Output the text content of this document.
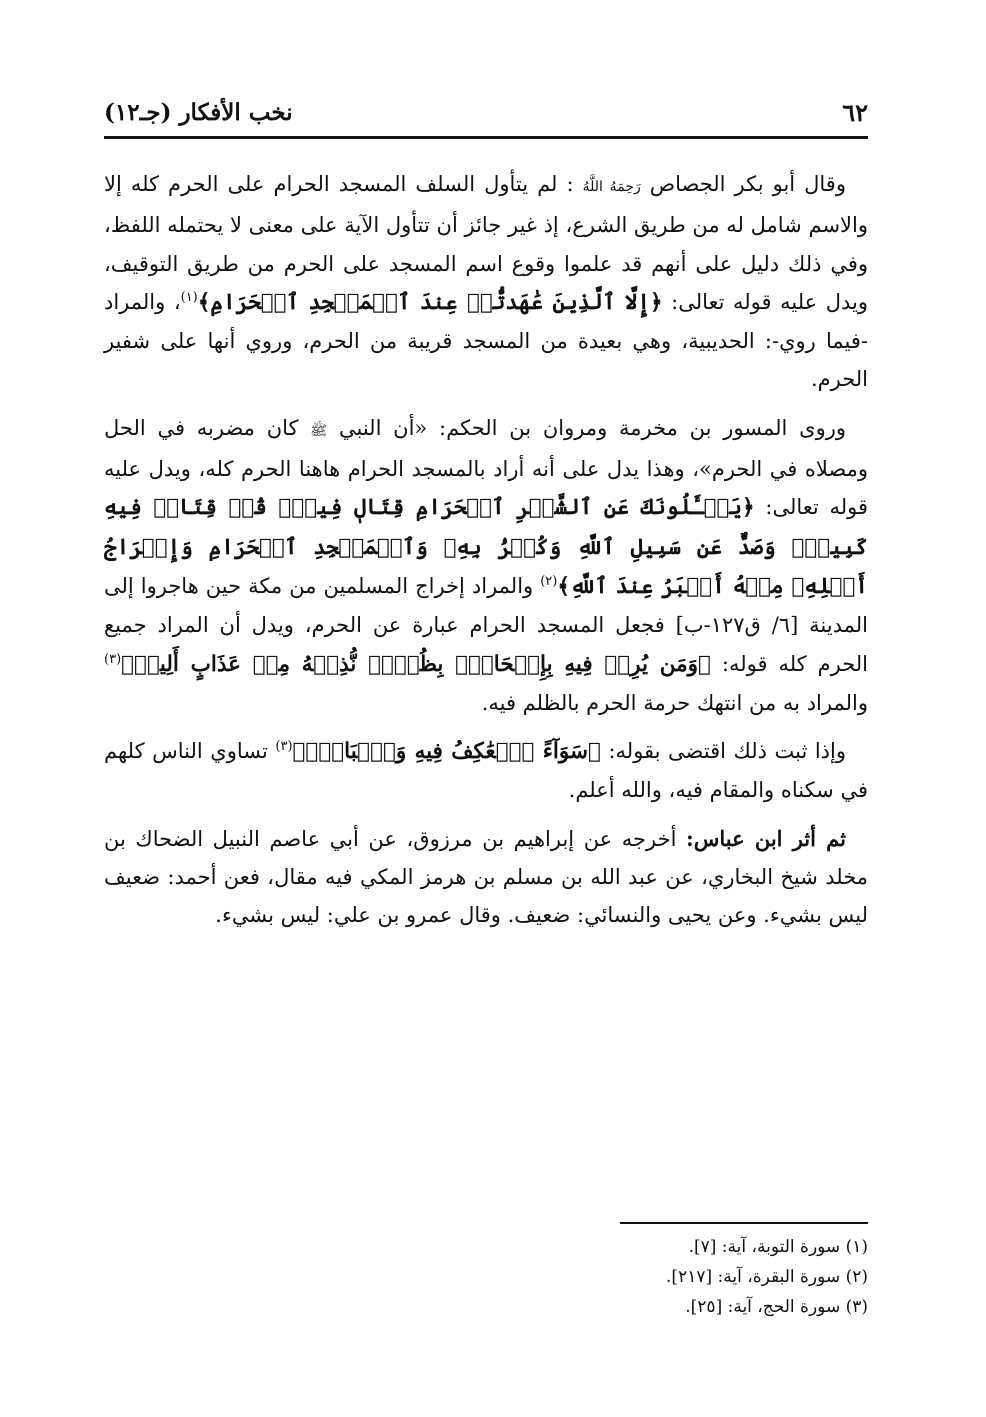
٦٢
نخب الأفكار (جـ١٢)

وقال أبو بكر الجصاص رَحِمَهُ اللَّهُ : لم يتأول السلف المسجد الحرام على الحرم كله إلا والاسم شامل له من طريق الشرع، إذ غير جائز أن تتأول الآية على معنى لا يحتمله اللفظ، وفي ذلك دليل على أنهم قد علموا وقوع اسم المسجد على الحرم من طريق التوقيف، ويدل عليه قوله تعالى: ﴿إِلَّا ٱلَّذِينَ عَٰهَدتُّمۡ عِندَ ٱلۡمَسۡجِدِ ٱلۡحَرَامِ﴾$^{(١)}$، والمراد -فيما روي-: الحديبية، وهي بعيدة من المسجد قريبة من الحرم، وروي أنها على شفير الحرم.

وروى المسور بن مخرمة ومروان بن الحكم: «أن النبي ﷺ كان مضربه في الحل ومصلاه في الحرم»، وهذا يدل على أنه أراد بالمسجد الحرام هاهنا الحرم كله، ويدل عليه قوله تعالى: ﴿يَسۡـَٔلُونَكَ عَنِ ٱلشَّهۡرِ ٱلۡحَرَامِ قِتَالٖ فِيهِۖ قُلۡ قِتَالٞ فِيهِ كَبِيرٞۚ وَصَدٌّ عَن سَبِيلِ ٱللَّهِ وَكُفۡرُۢ بِهِۦ وَٱلۡمَسۡجِدِ ٱلۡحَرَامِ وَإِخۡرَاجُ أَهۡلِهِۦ مِنۡهُ أَكۡبَرُ عِندَ ٱللَّهِ﴾$^{(٢)}$ والمراد إخراج المسلمين من مكة حين هاجروا إلى المدينة [٦/ ق١٢٧-ب] فجعل المسجد الحرام عبارة عن الحرم، ويدل أن المراد جميع الحرم كله قوله: ﴿وَمَن يُرِدۡ فِيهِ بِإِلۡحَادِۭ بِظُلۡمٖ نُّذِقۡهُ مِنۡ عَذَابٍ أَلِيمٖ﴾$^{(٣)}$ والمراد به من انتهك حرمة الحرم بالظلم فيه.

وإذا ثبت ذلك اقتضى بقوله: ﴿سَوَآءً ٱلۡعَٰكِفُ فِيهِ وَٱلۡبَادِۚ﴾$^{(٣)}$ تساوي الناس كلهم في سكناه والمقام فيه، والله أعلم.

ثم أثر ابن عباس: أخرجه عن إبراهيم بن مرزوق، عن أبي عاصم النبيل الضحاك بن مخلد شيخ البخاري، عن عبد الله بن مسلم بن هرمز المكي فيه مقال، فعن أحمد: ضعيف ليس بشيء. وعن يحيى والنسائي: ضعيف. وقال عمرو بن علي: ليس بشيء.

(١) سورة التوبة، آية: [٧].

(٢) سورة البقرة، آية: [٢١٧].

(٣) سورة الحج، آية: [٢٥].
